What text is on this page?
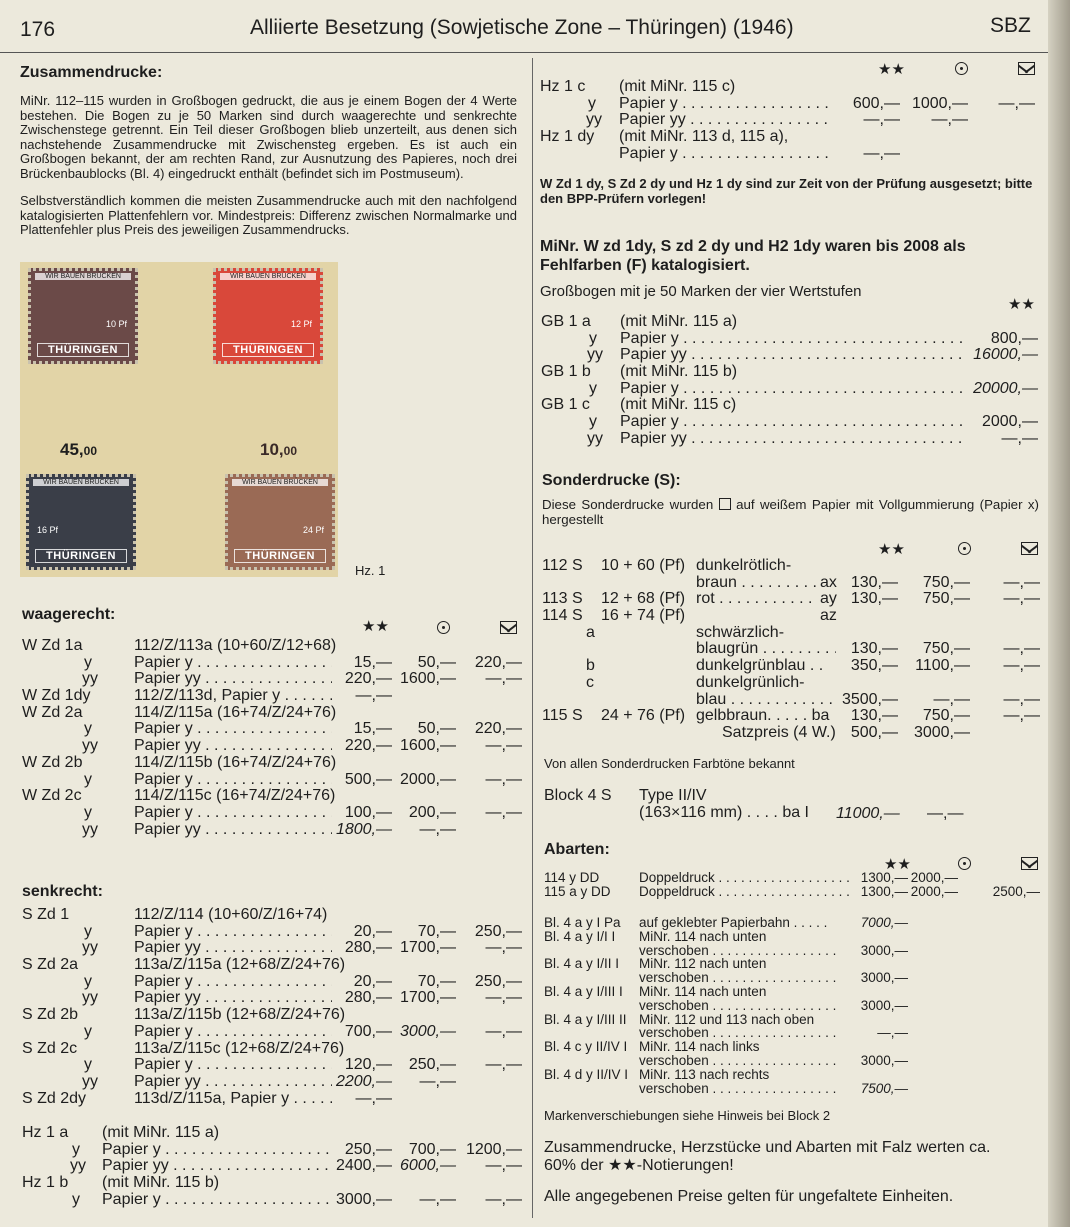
176	Alliierte Besetzung (Sowjetische Zone – Thüringen) (1946)	SBZ
Zusammendrucke:
MiNr. 112–115 wurden in Großbogen gedruckt, die aus je einem Bogen der 4 Werte bestehen. Die Bogen zu je 50 Marken sind durch waagerechte und senkrechte Zwischenstege getrennt. Ein Teil dieser Großbogen blieb unzerteilt, aus denen sich nachstehende Zusammendrucke mit Zwischensteg ergeben. Es ist auch ein Großbogen bekannt, der am rechten Rand, zur Ausnutzung des Papieres, noch drei Brückenbaublocks (Bl. 4) eingedruckt enthält (befindet sich im Postmuseum).
Selbstverständlich kommen die meisten Zusammendrucke auch mit den nachfolgend katalogisierten Plattenfehlern vor. Mindestpreis: Differenz zwischen Normalmarke und Plattenfehler plus Preis des jeweiligen Zusammendrucks.
WIR BAUEN BRÜCKEN
10 Pf
THÜRINGEN
WIR BAUEN BRÜCKEN
12 Pf
THÜRINGEN
45,00	10,00
WIR BAUEN BRÜCKEN
16 Pf
THÜRINGEN
WIR BAUEN BRÜCKEN
24 Pf
THÜRINGEN
Hz. 1
waagerecht:
★★
W Zd 1a	112/Z/113a (10+60/Z/12+68)
y	Papier y . . .	15,— 50,— 220,—
yy Papier yy . . .	220,— 1600,— —,—
W Zd 1dy	112/Z/113d, Papier y . . .	—,—
W Zd 2a	114/Z/115a (16+74/Z/24+76)
y	Papier y . . .	15,— 50,— 220,—
yy Papier yy . . .	220,— 1600,— —,—
W Zd 2b	114/Z/115b (16+74/Z/24+76)
y	Papier y . . .	500,— 2000,— —,—
W Zd 2c	114/Z/115c (16+74/Z/24+76)
y	Papier y . . .	100,— 200,— —,—
yy Papier yy . . .	1800,— —,—
senkrecht:
S Zd 1	112/Z/114 (10+60/Z/16+74)
y	Papier y . . .	20,— 70,— 250,—
yy Papier yy . . .	280,— 1700,— —,—
S Zd 2a	113a/Z/115a (12+68/Z/24+76)
y	Papier y . . .	20,— 70,— 250,—
yy Papier yy . . .	280,— 1700,— —,—
S Zd 2b	113a/Z/115b (12+68/Z/24+76)
y	Papier y . . .	700,— 3000,— —,—
S Zd 2c	113a/Z/115c (12+68/Z/24+76)
y	Papier y . . .	120,— 250,— —,—
yy Papier yy . . .	2200,— —,—
S Zd 2dy	113d/Z/115a, Papier y . . .	—,—
Hz 1 a (mit MiNr. 115 a)
y Papier y . . .	250,— 700,— 1200,—
yy Papier yy . . .	2400,— 6000,— —,—
Hz 1 b (mit MiNr. 115 b)
y Papier y . . .	3000,— —,— —,—
★★
Hz 1 c (mit MiNr. 115 c)
y Papier y . . .	600,— 1000,— —,—
yy Papier yy . . .	—,— —,—
Hz 1 dy (mit MiNr. 113 d, 115 a),
Papier y . . .	—,—
W Zd 1 dy, S Zd 2 dy und Hz 1 dy sind zur Zeit von der Prüfung ausgesetzt; bitte den BPP-Prüfern vorlegen!
MiNr. W zd 1dy, S zd 2 dy und H2 1dy waren bis 2008 als Fehlfarben (F) katalogisiert.
Großbogen mit je 50 Marken der vier Wertstufen
★★
GB 1 a (mit MiNr. 115 a)
y Papier y . . .	800,—
yy Papier yy . . .	16000,—
GB 1 b (mit MiNr. 115 b)
y Papier y . . .	20000,—
GB 1 c (mit MiNr. 115 c)
y Papier y . . .	2000,—
yy Papier yy . . .	—,—
Sonderdrucke (S):
Diese Sonderdrucke wurden auf weißem Papier mit Vollgummierung (Papier x) hergestellt
★★
112 S 10 + 60 (Pf) dunkelrötlich-
braun . . .	ax 130,— 750,— —,—
113 S 12 + 68 (Pf) rot . . .	ay 130,— 750,— —,—
114 S 16 + 74 (Pf)	az
a	schwärzlich-
blaugrün . . .	130,— 750,— —,—
b	dunkelgrünblau . . 350,— 1100,— —,—
c	dunkelgrünlich-
blau . . .	3500,— —,— —,—
115 S 24 + 76 (Pf) gelbbraun. . . . . ba 130,— 750,— —,—
Satzpreis (4 W.) 500,— 3000,—
Von allen Sonderdrucken Farbtöne bekannt
Block 4 S Type II/IV
(163×116 mm) . . . . ba I 11000,— —,—
Abarten:
★★
114 y DD	Doppeldruck . . .	1300,— 2000,—
115 a y DD Doppeldruck . . .	1300,— 2000,—	2500,—
Bl. 4 a y I Pa auf geklebter Papierbahn . . . . . 7000,—
Bl. 4 a y I/I I MiNr. 114 nach unten
verschoben . . .	3000,—
Bl. 4 a y I/II I MiNr. 112 nach unten
verschoben . . .	3000,—
Bl. 4 a y I/III I MiNr. 114 nach unten
verschoben . . .	3000,—
Bl. 4 a y I/III II MiNr. 112 und 113 nach oben
verschoben . . .	—,—
Bl. 4 c y II/IV I MiNr. 114 nach links
verschoben . . .	3000,—
Bl. 4 d y II/IV I MiNr. 113 nach rechts
verschoben . . .	7500,—
Markenverschiebungen siehe Hinweis bei Block 2
Zusammendrucke, Herzstücke und Abarten mit Falz werten ca.
60% der ★★-Notierungen!
Alle angegebenen Preise gelten für ungefaltete Einheiten.
